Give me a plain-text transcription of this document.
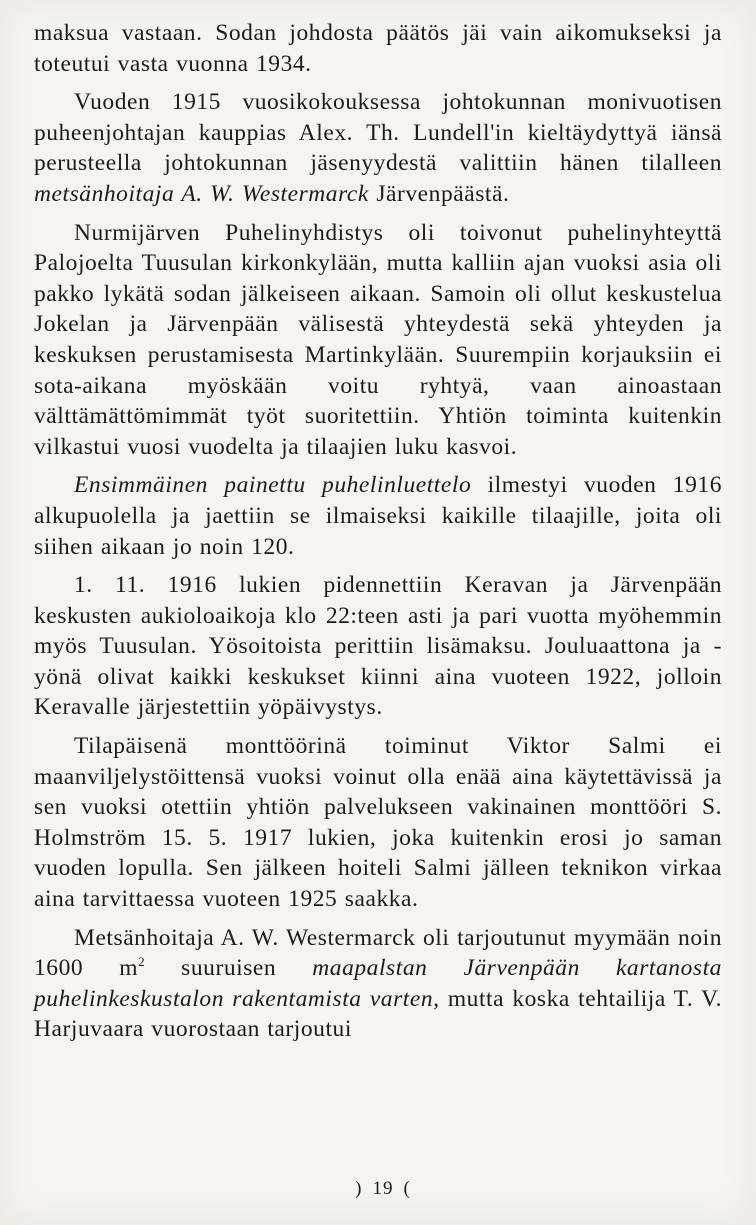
maksua vastaan. Sodan johdosta päätös jäi vain aikomukseksi ja toteutui vasta vuonna 1934.

Vuoden 1915 vuosikokouksessa johtokunnan monivuotisen puheenjohtajan kauppias Alex. Th. Lundell'in kieltäydyttyä iänsä perusteella johtokunnan jäsenyydestä valittiin hänen tilalleen metsänhoitaja A. W. Westermarck Järvenpäästä.

Nurmijärven Puhelinyhdistys oli toivonut puhelinyhteyttä Palojoelta Tuusulan kirkonkylään, mutta kalliin ajan vuoksi asia oli pakko lykätä sodan jälkeiseen aikaan. Samoin oli ollut keskustelua Jokelan ja Järvenpään välisestä yhteydestä sekä yhteyden ja keskuksen perustamisesta Martinkylään. Suurempiin korjauksiin ei sota-aikana myöskään voitu ryhtyä, vaan ainoastaan välttämättömimmät työt suoritettiin. Yhtiön toiminta kuitenkin vilkastui vuosi vuodelta ja tilaajien luku kasvoi.

Ensimmäinen painettu puhelinluettelo ilmestyi vuoden 1916 alkupuolella ja jaettiin se ilmaiseksi kaikille tilaajille, joita oli siihen aikaan jo noin 120.

1. 11. 1916 lukien pidennettiin Keravan ja Järvenpään keskusten aukioloaikoja klo 22:teen asti ja pari vuotta myöhemmin myös Tuusulan. Yösoitoista perittiin lisämaksu. Jouluaattona ja -yönä olivat kaikki keskukset kiinni aina vuoteen 1922, jolloin Keravalle järjestettiin yöpäivystys.

Tilapäisenä monttöörinä toiminut Viktor Salmi ei maanviljelystöittensä vuoksi voinut olla enää aina käytettävissä ja sen vuoksi otettiin yhtiön palvelukseen vakinainen monttööri S. Holmström 15. 5. 1917 lukien, joka kuitenkin erosi jo saman vuoden lopulla. Sen jälkeen hoiteli Salmi jälleen teknikon virkaa aina tarvittaessa vuoteen 1925 saakka.

Metsänhoitaja A. W. Westermarck oli tarjoutunut myymään noin 1600 $m^2$ suuruisen maapalstan Järvenpään kartanosta puhelinkeskustalon rakentamista varten, mutta koska tehtailija T. V. Harjuvaara vuorostaan tarjoutui

) 19 (
